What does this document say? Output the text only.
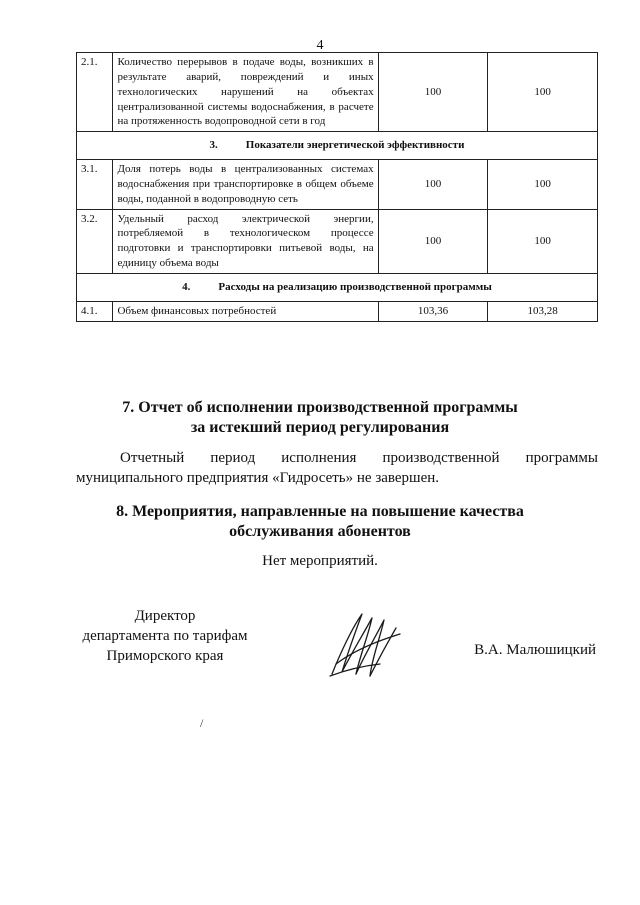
4
2.1.	Количество перерывов в подаче воды, возникших в результате аварий, повреждений и иных технологических нарушений на объектах централизованной системы водоснабжения, в расчете на протяженность водопроводной сети в год	100	100
3. Показатели энергетической эффективности			
3.1.	Доля потерь воды в централизованных системах водоснабжения при транспортировке в общем объеме воды, поданной в водопроводную сеть	100	100
3.2.	Удельный расход электрической энергии, потребляемой в технологическом процессе подготовки и транспортировки питьевой воды, на единицу объема воды	100	100
4. Расходы на реализацию производственной программы			
4.1.	Объем финансовых потребностей	103,36	103,28
7. Отчет об исполнении производственной программы
за истекший период регулирования
Отчетный период исполнения производственной программы
муниципального предприятия «Гидросеть» не завершен.
8. Мероприятия, направленные на повышение качества
обслуживания абонентов
Нет мероприятий.
Директор
департамента по тарифам
Приморского края	В.А. Малюшицкий
/
